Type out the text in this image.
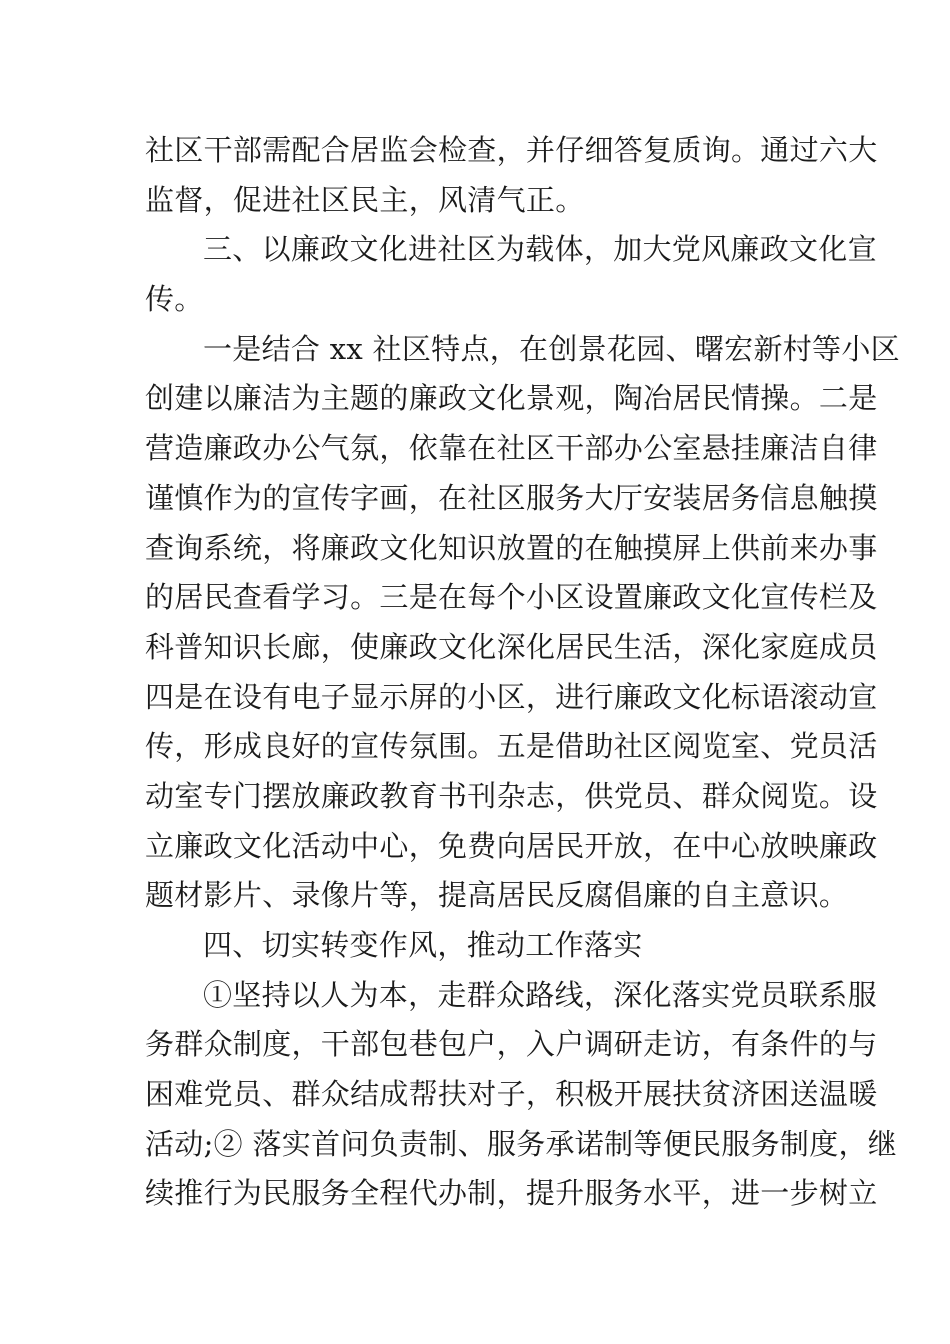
社区干部需配合居监会检查，并仔细答复质询。通过六大
监督，促进社区民主，风清气正。
三、以廉政文化进社区为载体，加大党风廉政文化宣
传。
一是结合 xx 社区特点，在创景花园、曙宏新村等小区
创建以廉洁为主题的廉政文化景观，陶冶居民情操。二是
营造廉政办公气氛，依靠在社区干部办公室悬挂廉洁自律
谨慎作为的宣传字画，在社区服务大厅安装居务信息触摸
查询系统，将廉政文化知识放置的在触摸屏上供前来办事
的居民查看学习。三是在每个小区设置廉政文化宣传栏及
科普知识长廊，使廉政文化深化居民生活，深化家庭成员
四是在设有电子显示屏的小区，进行廉政文化标语滚动宣
传，形成良好的宣传氛围。五是借助社区阅览室、党员活
动室专门摆放廉政教育书刊杂志，供党员、群众阅览。设
立廉政文化活动中心，免费向居民开放，在中心放映廉政
题材影片、录像片等，提高居民反腐倡廉的自主意识。
四、切实转变作风，推动工作落实
①坚持以人为本，走群众路线，深化落实党员联系服
务群众制度，干部包巷包户，入户调研走访，有条件的与
困难党员、群众结成帮扶对子，积极开展扶贫济困送温暖
活动;② 落实首问负责制、服务承诺制等便民服务制度，继
续推行为民服务全程代办制，提升服务水平，进一步树立
